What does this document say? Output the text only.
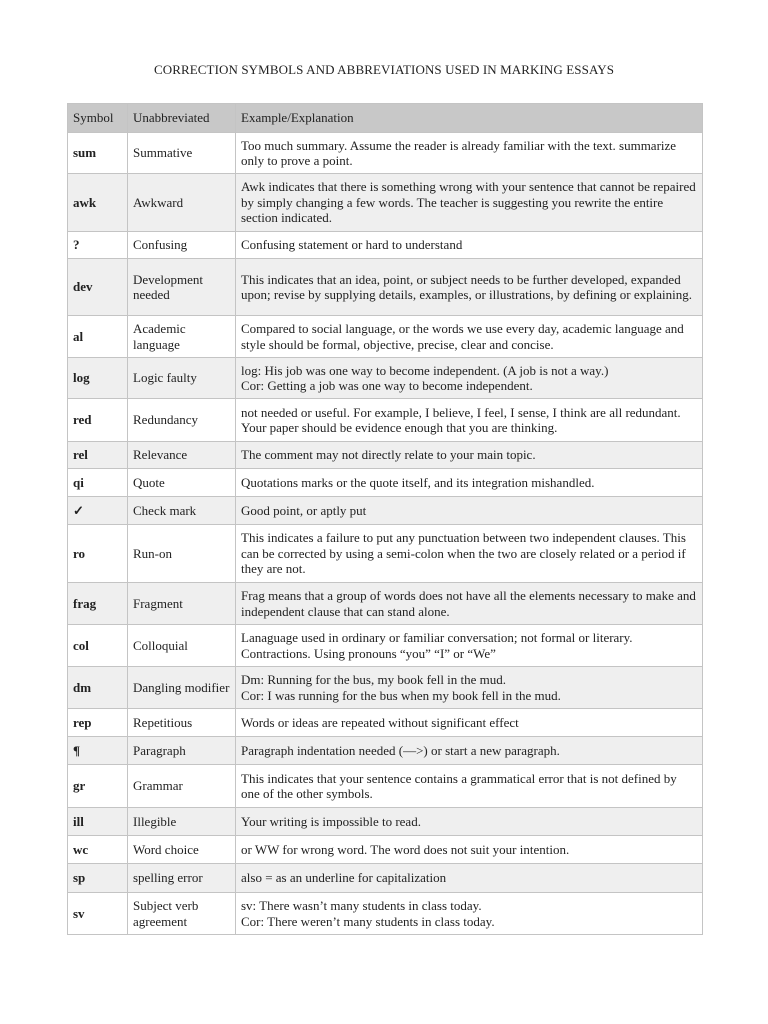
CORRECTION SYMBOLS AND ABBREVIATIONS USED IN MARKING ESSAYS
Symbol	Unabbreviated	Example/Explanation
sum	Summative	Too much summary. Assume the reader is already familiar with the text. summarize only to prove a point.
awk	Awkward	Awk indicates that there is something wrong with your sentence that cannot be repaired by simply changing a few words. The teacher is suggesting you rewrite the entire section indicated.
?	Confusing	Confusing statement or hard to understand
dev	Development needed	This indicates that an idea, point, or subject needs to be further developed, expanded upon; revise by supplying details, examples, or illustrations, by defining or explaining.
al	Academic language	Compared to social language, or the words we use every day, academic language and style should be formal, objective, precise, clear and concise.
log	Logic faulty	log: His job was one way to become independent. (A job is not a way.)
Cor: Getting a job was one way to become independent.
red	Redundancy	not needed or useful. For example, I believe, I feel, I sense, I think are all redundant. Your paper should be evidence enough that you are thinking.
rel	Relevance	The comment may not directly relate to your main topic.
qi	Quote	Quotations marks or the quote itself, and its integration mishandled.
✓	Check mark	Good point, or aptly put
ro	Run-on	This indicates a failure to put any punctuation between two independent clauses. This can be corrected by using a semi-colon when the two are closely related or a period if they are not.
frag	Fragment	Frag means that a group of words does not have all the elements necessary to make and independent clause that can stand alone.
col	Colloquial	Lanaguage used in ordinary or familiar conversation; not formal or literary. Contractions. Using pronouns “you” “I” or “We”
dm	Dangling modifier	Dm: Running for the bus, my book fell in the mud.
Cor: I was running for the bus when my book fell in the mud.
rep	Repetitious	Words or ideas are repeated without significant effect
¶	Paragraph	Paragraph indentation needed (—>) or start a new paragraph.
gr	Grammar	This indicates that your sentence contains a grammatical error that is not defined by one of the other symbols.
ill	Illegible	Your writing is impossible to read.
wc	Word choice	or WW for wrong word. The word does not suit your intention.
sp	spelling error	also = as an underline for capitalization
sv	Subject verb agreement	sv: There wasn’t many students in class today.
Cor: There weren’t many students in class today.
